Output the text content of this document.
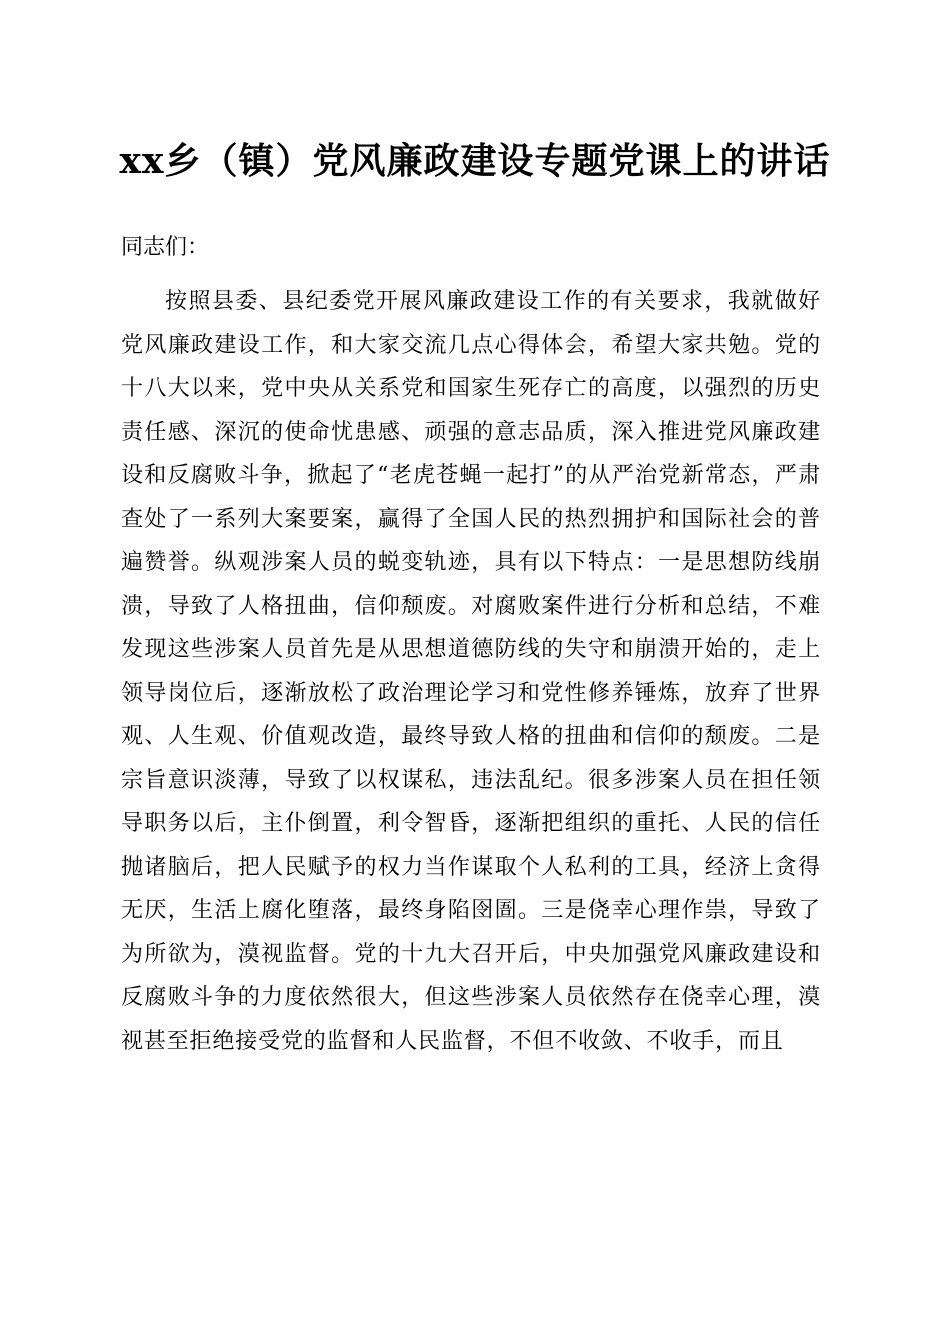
xx乡（镇）党风廉政建设专题党课上的讲话

同志们：

按照县委、县纪委党开展风廉政建设工作的有关要求，我就做好党风廉政建设工作，和大家交流几点心得体会，希望大家共勉。党的十八大以来，党中央从关系党和国家生死存亡的高度，以强烈的历史责任感、深沉的使命忧患感、顽强的意志品质，深入推进党风廉政建设和反腐败斗争，掀起了“老虎苍蝇一起打”的从严治党新常态，严肃查处了一系列大案要案，赢得了全国人民的热烈拥护和国际社会的普遍赞誉。纵观涉案人员的蜕变轨迹，具有以下特点：一是思想防线崩溃，导致了人格扭曲，信仰颓废。对腐败案件进行分析和总结，不难发现这些涉案人员首先是从思想道德防线的失守和崩溃开始的，走上领导岗位后，逐渐放松了政治理论学习和党性修养锤炼，放弃了世界观、人生观、价值观改造，最终导致人格的扭曲和信仰的颓废。二是宗旨意识淡薄，导致了以权谋私，违法乱纪。很多涉案人员在担任领导职务以后，主仆倒置，利令智昏，逐渐把组织的重托、人民的信任抛诸脑后，把人民赋予的权力当作谋取个人私利的工具，经济上贪得无厌，生活上腐化堕落，最终身陷囹圄。三是侥幸心理作祟，导致了为所欲为，漠视监督。党的十九大召开后，中央加强党风廉政建设和反腐败斗争的力度依然很大，但这些涉案人员依然存在侥幸心理，漠视甚至拒绝接受党的监督和人民监督，不但不收敛、不收手，而且
